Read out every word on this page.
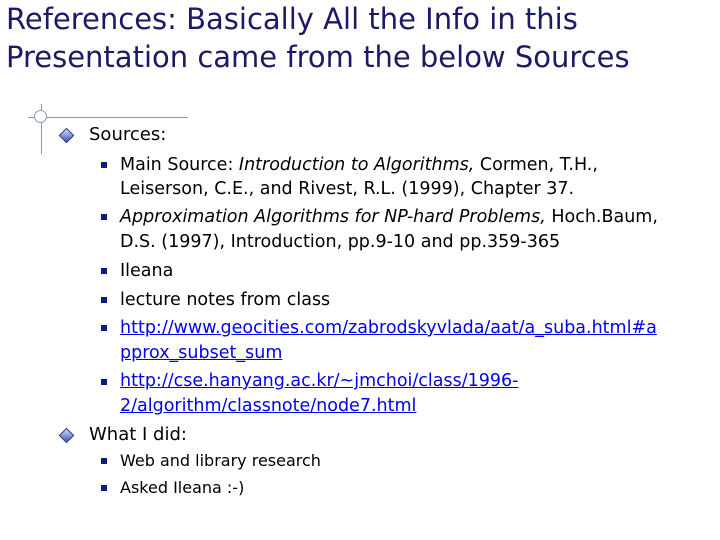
References: Basically All the Info in this
Presentation came from the below Sources
Sources:
Main Source: Introduction to Algorithms, Cormen, T.H.,
Leiserson, C.E., and Rivest, R.L. (1999), Chapter 37.
Approximation Algorithms for NP-hard Problems, Hoch.Baum,
D.S. (1997), Introduction, pp.9-10 and pp.359-365
Ileana
lecture notes from class
http://www.geocities.com/zabrodskyvlada/aat/a_suba.html#a
pprox_subset_sum
http://cse.hanyang.ac.kr/~jmchoi/class/1996-
2/algorithm/classnote/node7.html
What I did:
Web and library research
Asked Ileana :-)
